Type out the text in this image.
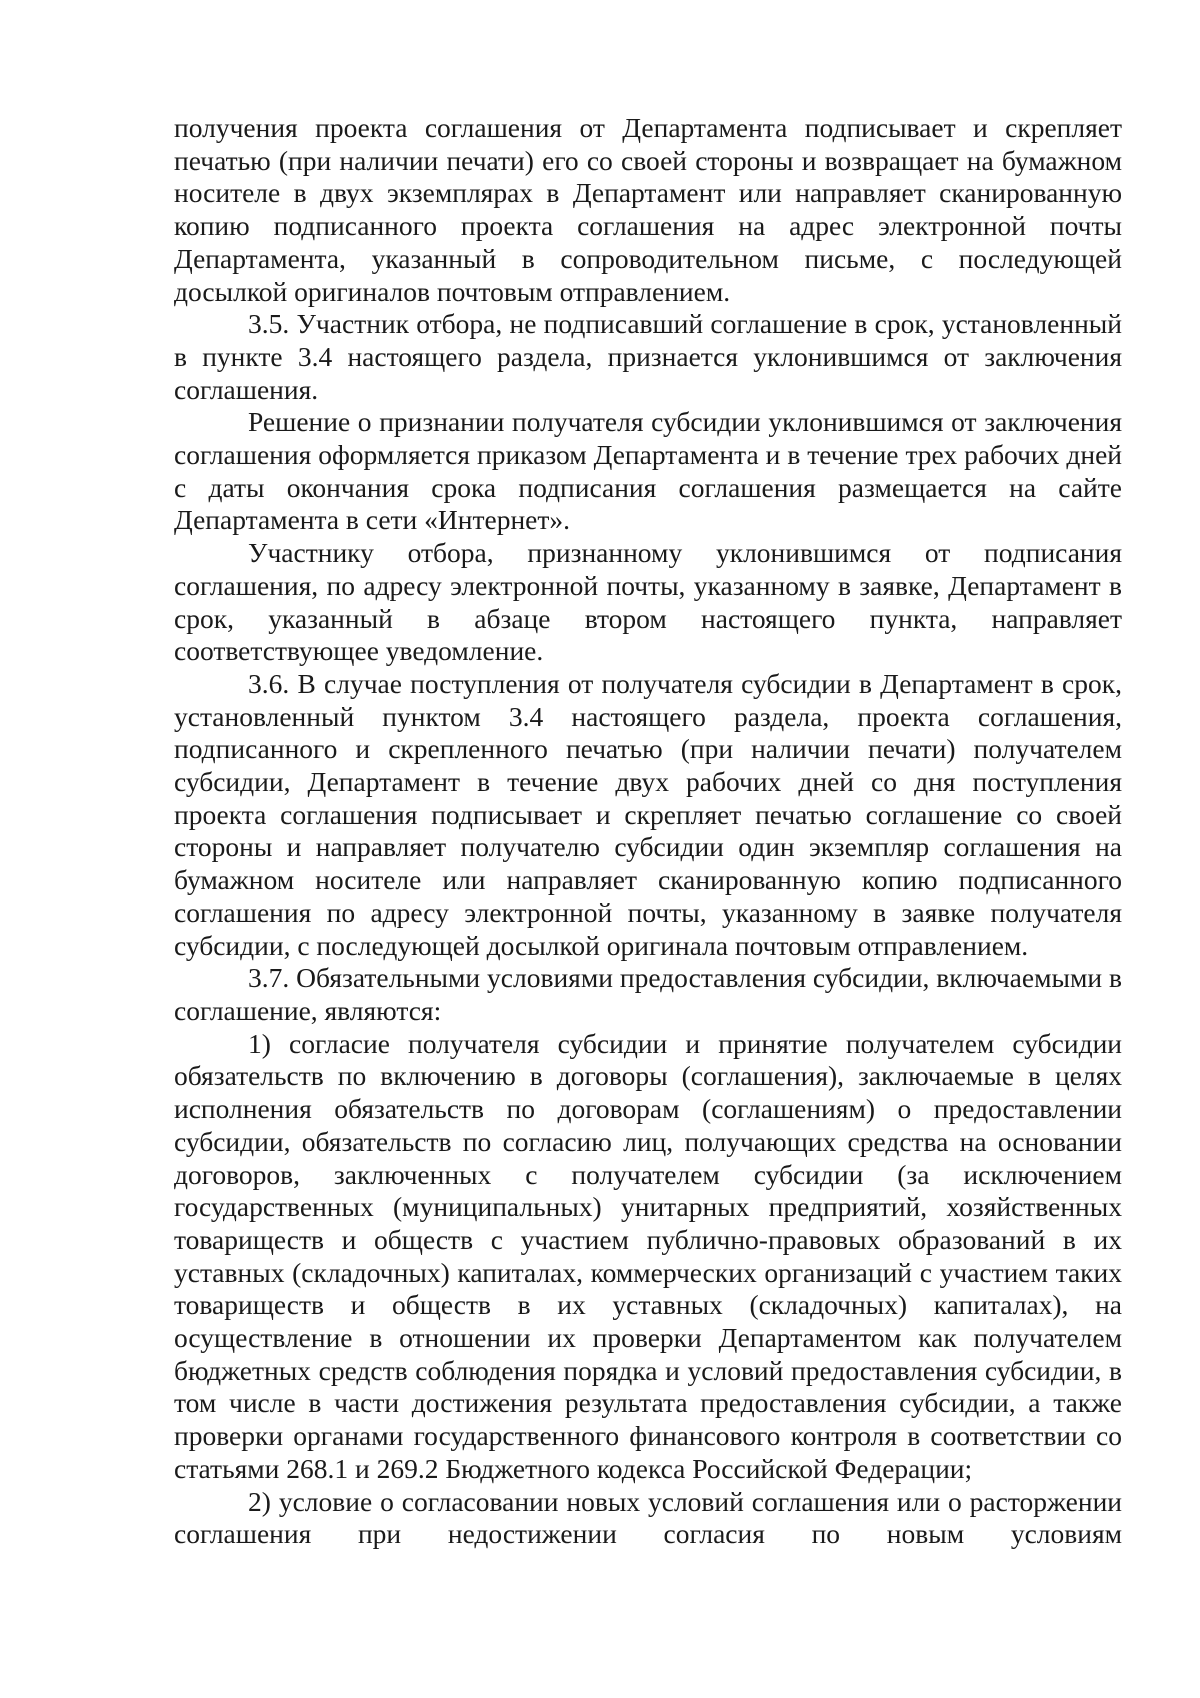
получения проекта соглашения от Департамента подписывает и скрепляет печатью (при наличии печати) его со своей стороны и возвращает на бумажном носителе в двух экземплярах в Департамент или направляет сканированную копию подписанного проекта соглашения на адрес электронной почты Департамента, указанный в сопроводительном письме, с последующей досылкой оригиналов почтовым отправлением.

3.5. Участник отбора, не подписавший соглашение в срок, установленный в пункте 3.4 настоящего раздела, признается уклонившимся от заключения соглашения.

Решение о признании получателя субсидии уклонившимся от заключения соглашения оформляется приказом Департамента и в течение трех рабочих дней с даты окончания срока подписания соглашения размещается на сайте Департамента в сети «Интернет».

Участнику отбора, признанному уклонившимся от подписания соглашения, по адресу электронной почты, указанному в заявке, Департамент в срок, указанный в абзаце втором настоящего пункта, направляет соответствующее уведомление.

3.6. В случае поступления от получателя субсидии в Департамент в срок, установленный пунктом 3.4 настоящего раздела, проекта соглашения, подписанного и скрепленного печатью (при наличии печати) получателем субсидии, Департамент в течение двух рабочих дней со дня поступления проекта соглашения подписывает и скрепляет печатью соглашение со своей стороны и направляет получателю субсидии один экземпляр соглашения на бумажном носителе или направляет сканированную копию подписанного соглашения по адресу электронной почты, указанному в заявке получателя субсидии, с последующей досылкой оригинала почтовым отправлением.

3.7. Обязательными условиями предоставления субсидии, включаемыми в соглашение, являются:

1) согласие получателя субсидии и принятие получателем субсидии обязательств по включению в договоры (соглашения), заключаемые в целях исполнения обязательств по договорам (соглашениям) о предоставлении субсидии, обязательств по согласию лиц, получающих средства на основании договоров, заключенных с получателем субсидии (за исключением государственных (муниципальных) унитарных предприятий, хозяйственных товариществ и обществ с участием публично-правовых образований в их уставных (складочных) капиталах, коммерческих организаций с участием таких товариществ и обществ в их уставных (складочных) капиталах), на осуществление в отношении их проверки Департаментом как получателем бюджетных средств соблюдения порядка и условий предоставления субсидии, в том числе в части достижения результата предоставления субсидии, а также проверки органами государственного финансового контроля в соответствии со статьями 268.1 и 269.2 Бюджетного кодекса Российской Федерации;

2) условие о согласовании новых условий соглашения или о расторжении соглашения при недостижении согласия по новым условиям
